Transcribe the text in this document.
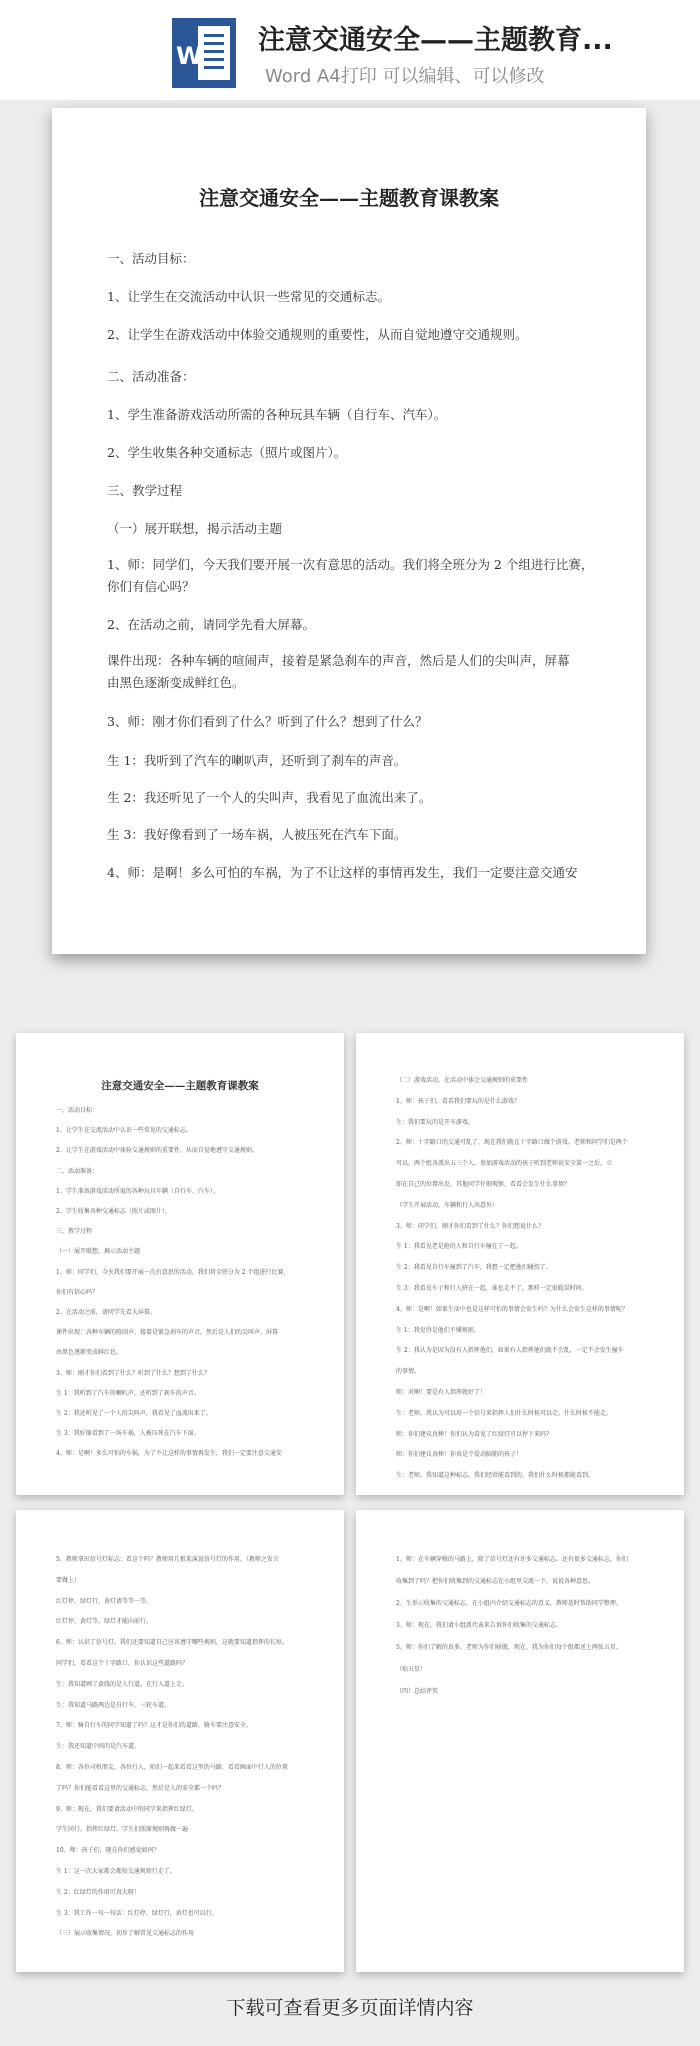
W 注意交通安全——主题教育...
Word A4打印 可以编辑、可以修改
注意交通安全——主题教育课教案
一、活动目标：
1、让学生在交流活动中认识一些常见的交通标志。
2、让学生在游戏活动中体验交通规则的重要性，从而自觉地遵守交通规则。
二、活动准备：
1、学生准备游戏活动所需的各种玩具车辆（自行车、汽车）。
2、学生收集各种交通标志（照片或图片）。
三、教学过程
（一）展开联想，揭示活动主题
1、师：同学们，今天我们要开展一次有意思的活动。我们将全班分为 2 个组进行比赛，
你们有信心吗？
2、在活动之前，请同学先看大屏幕。
课件出现：各种车辆的喧闹声，接着是紧急刹车的声音，然后是人们的尖叫声，屏幕
由黑色逐渐变成鲜红色。
3、师：刚才你们看到了什么？听到了什么？想到了什么？
生 1：我听到了汽车的喇叭声，还听到了刹车的声音。
生 2：我还听见了一个人的尖叫声，我看见了血流出来了。
生 3：我好像看到了一场车祸，人被压死在汽车下面。
4、师：是啊！多么可怕的车祸，为了不让这样的事情再发生，我们一定要注意交通安
注意交通安全——主题教育课教案
一、活动目标：
1、让学生在交流活动中认识一些常见的交通标志。
2、让学生在游戏活动中体验交通规则的重要性，从而自觉地遵守交通规则。
二、活动准备：
1、学生准备游戏活动所需的各种玩具车辆（自行车、汽车）。
2、学生收集各种交通标志（照片或图片）。
三、教学过程
（一）展开联想，揭示活动主题
1、师：同学们，今天我们要开展一次有意思的活动。我们将全班分为 2 个组进行比赛，
你们有信心吗？
2、在活动之前，请同学先看大屏幕。
课件出现：各种车辆的喧闹声，接着是紧急刹车的声音，然后是人们的尖叫声，屏幕
由黑色逐渐变成鲜红色。
3、师：刚才你们看到了什么？听到了什么？想到了什么？
生 1：我听到了汽车的喇叭声，还听到了刹车的声音。
生 2：我还听见了一个人的尖叫声，我看见了血流出来了。
生 3：我好像看到了一场车祸，人被压死在汽车下面。
4、师：是啊！多么可怕的车祸，为了不让这样的事情再发生，我们一定要注意交通安
（二）游戏活动，在活动中体会交通规则的重要性
1、师：孩子们，看看我们要玩的是什么游戏？
生：我们要玩的是开车游戏。
2、师：十字路口的交通可乱了，现在我们就在十字路口做个游戏。老师和同学们是两个
可以，两个组各派出五三个人，参加游戏活动的孩子听到老师说安全第一之后，立
即在自己的位置出发，其他同学仔细观察，看看会发生什么事情？
（学生开展活动，车辆和行人出意外）
3、师：同学们，刚才你们看到了什么？你们想说什么？
生 1：我看见老是抢的人和自行车撞在了一起。
生 2：我看见自行车撞到了汽车，我想一定把他们碰伤了。
生 3：我看见车子和行人挤在一起，谁也走不了，那样一定很耽误时间。
4、师：是啊！如果生活中也是这样可怕的事情会发生吗？为什么会发生这样的事情呢？
生 1：我觉得是他们不懂规则。
生 2：我认为是因为没有人指挥他们，如果有人指挥他们就不会乱，一定不会发生撞车
的事情。
师：对啊！要是有人指挥就好了！
生：老师，我认为可以用一个信号来指挥人们什么时候可以走，什么时候不能走。
师：你们建议真棒！你们认为看见了红绿灯可以停下来吗？
师：你们建议真棒！你真是个爱动脑筋的孩子！
生：老师，我知道这种标志，我们经常能看到的。我们什么时候都能看到。
5、教师拿出信号灯标志：看这个吗？教师用几根来演说信号灯的作用。（教师之发言
要做上）
红灯停、绿灯行，黄灯请等等一等。
红灯停、黄灯等，绿灯才能向前行。
6、师：认识了信号灯，我们还要知道自己应该遵守哪些规则，这就要知道指挥的长短。
同学们，看看这个十字路口，你认识这些道路吗？
生：我知道画了黄线的是人行道，在行人道上走。
生：我知道马路两边是自行车，三轮车道。
7、师：骑自行车的同学知道了吗？这才是你们的道路，骑车要注意安全。
生：我还知道中间的是汽车道。
8、师：各位司机朋友，各位行人，咱们一起来看看这里的马路，看看画面中行人的位置
了吗？你们能看看这里的交通标志，然后是人的安全都一个吗？
9、师：现在，我们要请活动中的同学来指挥红绿灯。
学生同行，指挥红绿灯，学生们照原规则再做一遍
10、师：孩子们，现在你们感觉如何？
生 1：这一次大家都会都按交通规则行走了。
生 2：红绿灯的作用可真大呀！
生 3：我工作一句一句话：红灯停、绿灯行，黄灯也可以行。
（三）展示收集情况，初步了解常见交通标志的作用
1、师：在车辆穿梭的马路上，除了信号灯还有许多交通标志。还有很多交通标志，你们
收集到了吗？把你们收集到的交通标志在小组里交流一下，说说各种意思。
2、生举示收集的交通标志，在小组内介绍交通标志的意义，教师适时帮助同学整理。
3、师：现在，我们请小组派代表来告诉你们收集的交通标志。
5、师：你们了解的真多，老师为你们骄傲，现在，我为你们每个组都送上两张五星。
（贴五星）
（四）总结评奖
下载可查看更多页面详情内容
